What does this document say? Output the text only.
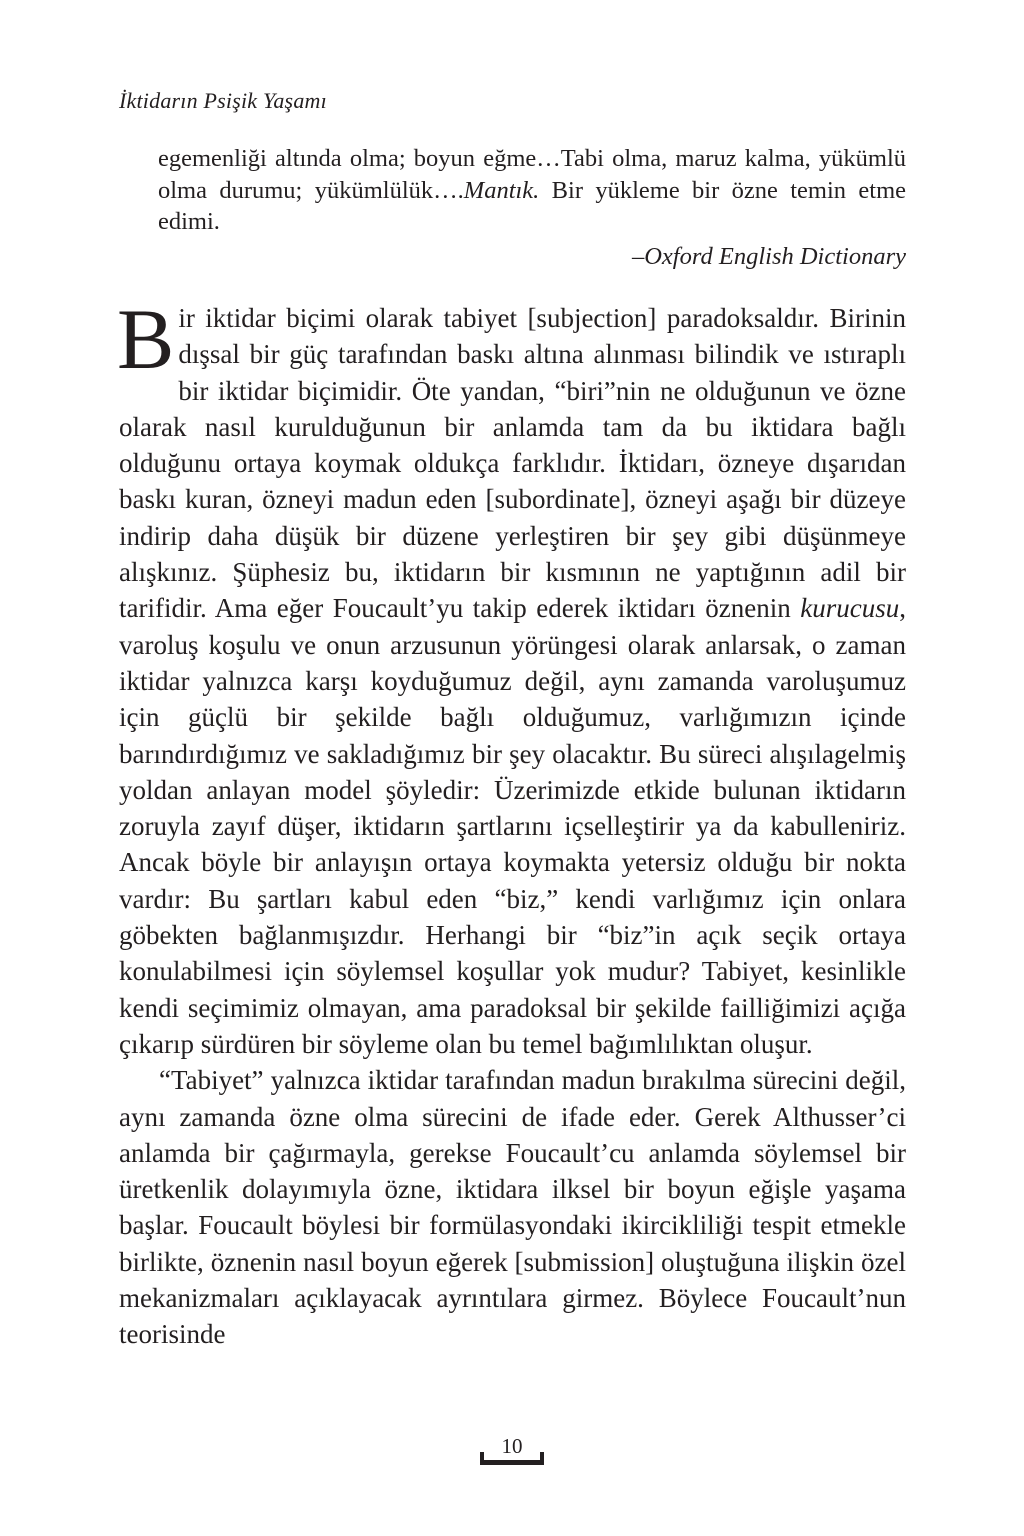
İktidarın Psişik Yaşamı
egemenliği altında olma; boyun eğme…Tabi olma, maruz kalma, yükümlü olma durumu; yükümlülük….Mantık. Bir yükleme bir özne temin etme edimi.
–Oxford English Dictionary

Bir iktidar biçimi olarak tabiyet [subjection] paradoksaldır. Birinin dışsal bir güç tarafından baskı altına alınması bilindik ve ıstıraplı bir iktidar biçimidir. Öte yandan, “biri”nin ne olduğunun ve özne olarak nasıl kurulduğunun bir anlamda tam da bu iktidara bağlı olduğunu ortaya koymak oldukça farklıdır. İktidarı, özneye dışarıdan baskı kuran, özneyi madun eden [subordinate], özneyi aşağı bir düzeye indirip daha düşük bir düzene yerleştiren bir şey gibi düşünmeye alışkınız. Şüphesiz bu, iktidarın bir kısmının ne yaptığının adil bir tarifidir. Ama eğer Foucault’yu takip ederek iktidarı öznenin kurucusu, varoluş koşulu ve onun arzusunun yörüngesi olarak anlarsak, o zaman iktidar yalnızca karşı koyduğumuz değil, aynı zamanda varoluşumuz için güçlü bir şekilde bağlı olduğumuz, varlığımızın içinde barındırdığımız ve sakladığımız bir şey olacaktır. Bu süreci alışılagelmiş yoldan anlayan model şöyledir: Üzerimizde etkide bulunan iktidarın zoruyla zayıf düşer, iktidarın şartlarını içselleştirir ya da kabulleniriz. Ancak böyle bir anlayışın ortaya koymakta yetersiz olduğu bir nokta vardır: Bu şartları kabul eden “biz,” kendi varlığımız için onlara göbekten bağlanmışızdır. Herhangi bir “biz”in açık seçik ortaya konulabilmesi için söylemsel koşullar yok mudur? Tabiyet, kesinlikle kendi seçimimiz olmayan, ama paradoksal bir şekilde failliğimizi açığa çıkarıp sürdüren bir söyleme olan bu temel bağımlılıktan oluşur.

“Tabiyet” yalnızca iktidar tarafından madun bırakılma sürecini değil, aynı zamanda özne olma sürecini de ifade eder. Gerek Althusser’ci anlamda bir çağırmayla, gerekse Foucault’cu anlamda söylemsel bir üretkenlik dolayımıyla özne, iktidara ilksel bir boyun eğişle yaşama başlar. Foucault böylesi bir formülasyondaki ikircikliliği tespit etmekle birlikte, öznenin nasıl boyun eğerek [submission] oluştuğuna ilişkin özel mekanizmaları açıklayacak ayrıntılara girmez. Böylece Foucault’nun teorisinde

10
